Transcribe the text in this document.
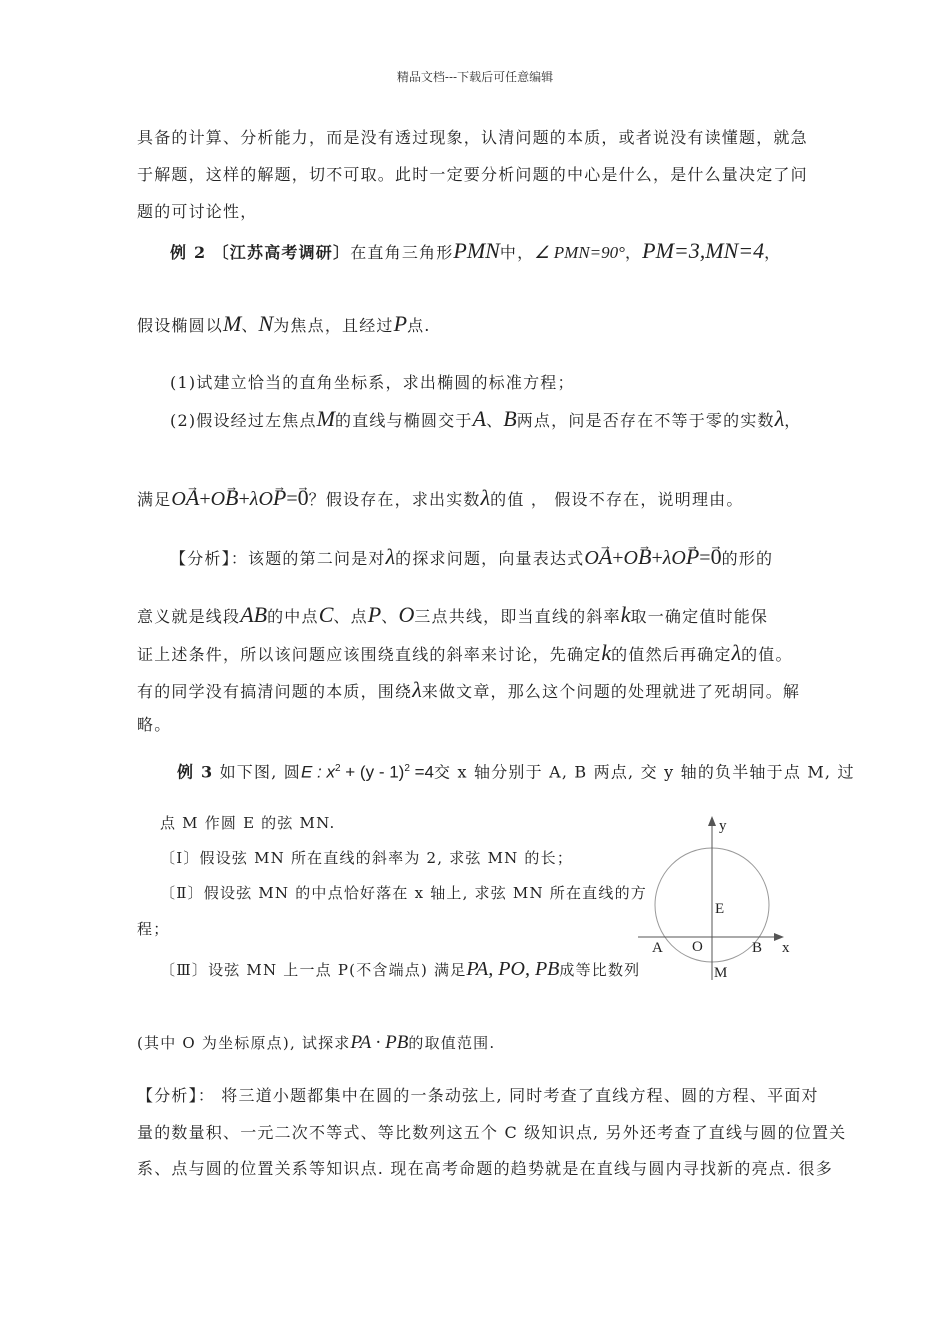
精品文档---下载后可任意编辑
具备的计算、分析能力，而是没有透过现象，认清问题的本质，或者说没有读懂题，就急
于解题，这样的解题，切不可取。此时一定要分析问题的中心是什么，是什么量决定了问
题的可讨论性，
例 2 〔江苏高考调研〕在直角三角形PMN中，∠ PMN=90°，PM=3,MN=4，
假设椭圆以M、N为焦点，且经过P点.
(1)试建立恰当的直角坐标系，求出椭圆的标准方程；
(2)假设经过左焦点M的直线与椭圆交于A、B两点，问是否存在不等于零的实数λ，
满足O→ A+O→ B+λO→ P=→ 0？假设存在，求出实数λ的值 ， 假设不存在，说明理由。
【分析】：该题的第二问是对λ的探求问题，向量表达式O→ A+O→ B+λO→ P=→ 0的形的
意义就是线段AB的中点C、点P、O三点共线，即当直线的斜率k取一确定值时能保
证上述条件，所以该问题应该围绕直线的斜率来讨论，先确定k的值然后再确定λ的值。
有的同学没有搞清问题的本质，围绕λ来做文章，那么这个问题的处理就进了死胡同。解
略。
例 3 如下图, 圆E : $x^2 + (y - 1)^2 =4$交 x 轴分别于 A, B 两点, 交 y 轴的负半轴于点 M, 过
点 M 作圆 E 的弦 MN.
〔Ⅰ〕假设弦 MN 所在直线的斜率为 2, 求弦 MN 的长；
〔Ⅱ〕假设弦 MN 的中点恰好落在 x 轴上, 求弦 MN 所在直线的方
程；
〔Ⅲ〕设弦 MN 上一点 P(不含端点) 满足PA, PO, PB成等比数列
(其中 O 为坐标原点), 试探求PA · PB的取值范围.
y
x
E
A O	B
M
【分析】： 将三道小题都集中在圆的一条动弦上, 同时考查了直线方程、圆的方程、平面对
量的数量积、一元二次不等式、等比数列这五个 C 级知识点, 另外还考查了直线与圆的位置关
系、点与圆的位置关系等知识点. 现在高考命题的趋势就是在直线与圆内寻找新的亮点. 很多
